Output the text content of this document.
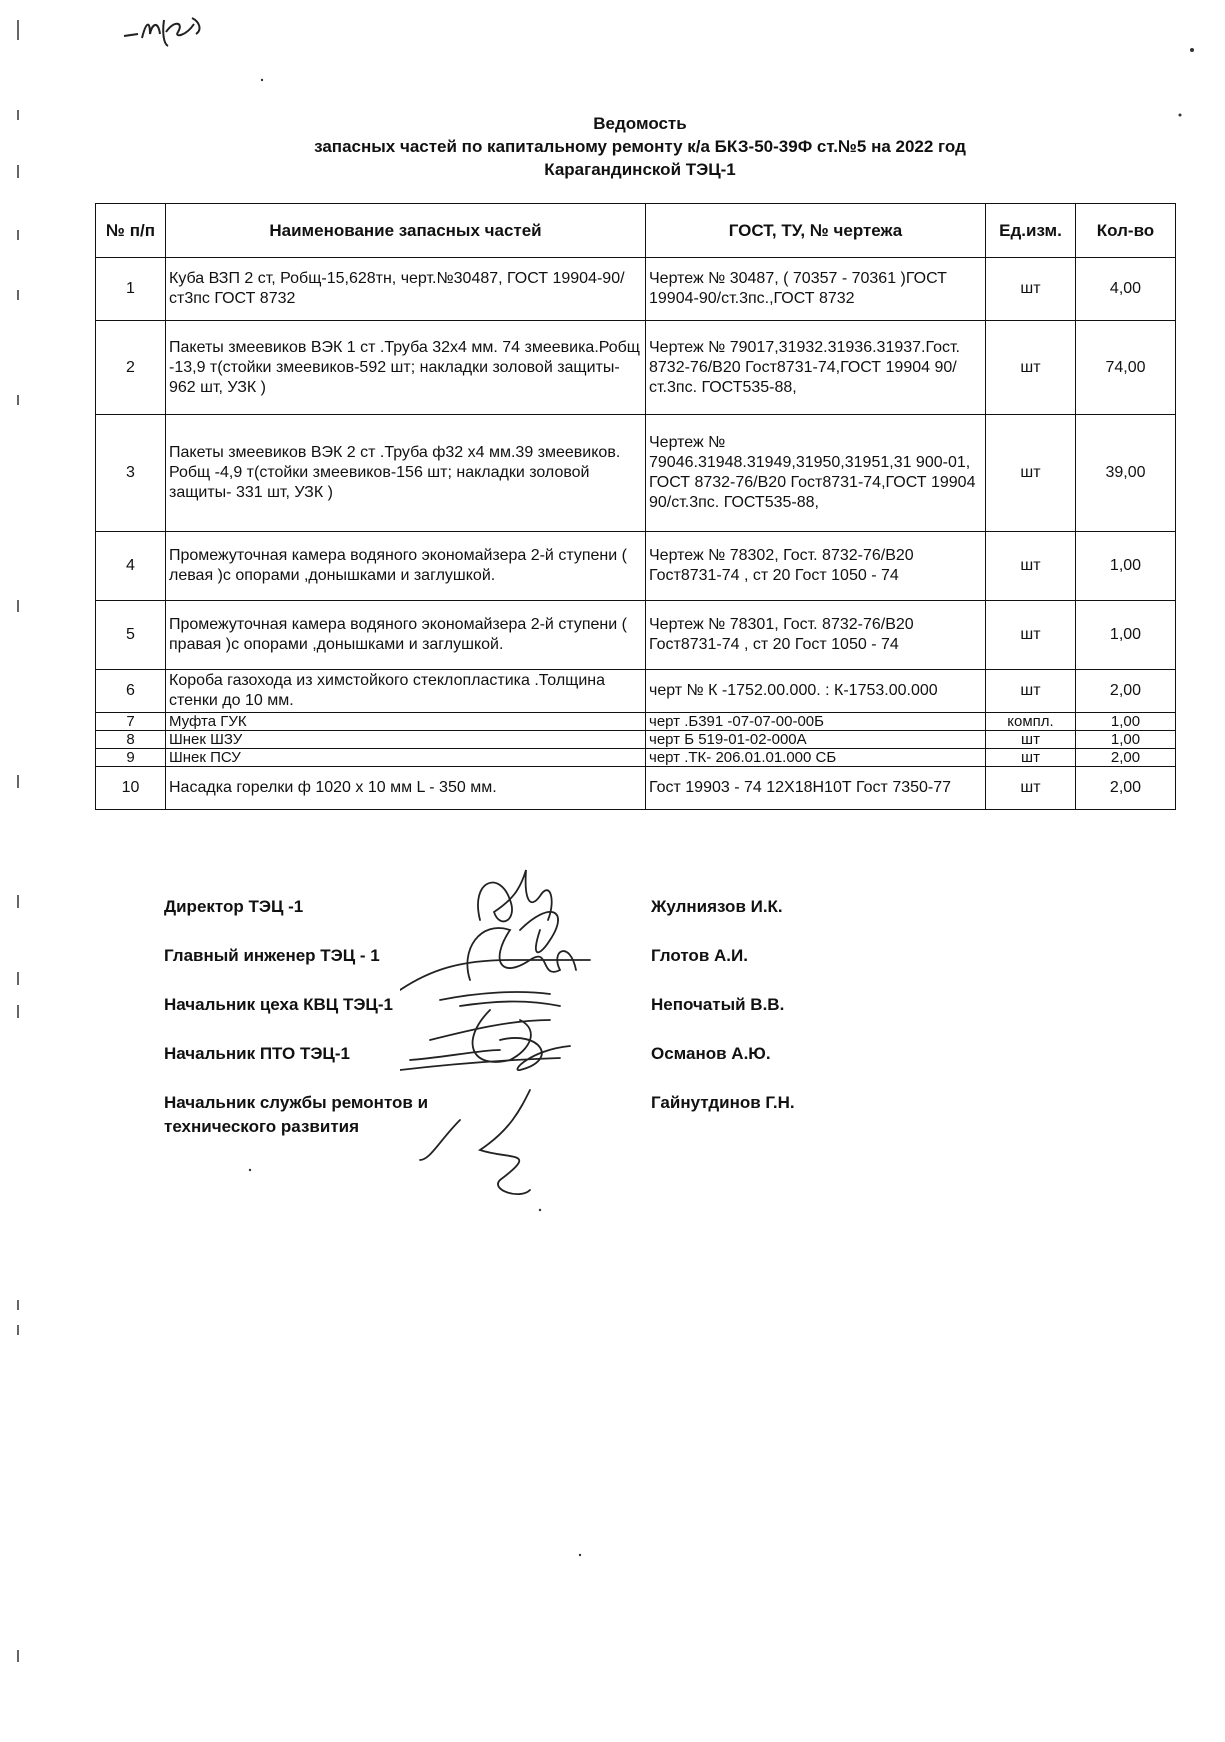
Ведомость
запасных частей по капитальному ремонту к/а БКЗ-50-39Ф ст.№5 на 2022 год
Карагандинской ТЭЦ-1
№ п/п	Наименование запасных частей	ГОСТ, ТУ, № чертежа	Ед.изм.	Кол-во
1	Куба ВЗП 2 ст, Робщ-15,628тн, черт.№30487, ГОСТ 19904-90/ст3пс ГОСТ 8732	Чертеж № 30487, ( 70357 - 70361 )ГОСТ 19904-90/ст.3пс.,ГОСТ 8732	шт	4,00
2	Пакеты змеевиков ВЭК 1 ст .Труба 32х4 мм. 74 змеевика.Робщ -13,9 т(стойки змеевиков-592 шт; накладки золовой защиты- 962 шт, УЗК )	Чертеж № 79017,31932.31936.31937.Гост. 8732-76/В20 Гост8731-74,ГОСТ 19904 90/ст.3пс. ГОСТ535-88,	шт	74,00
3	Пакеты змеевиков ВЭК 2 ст .Труба ф32 х4 мм.39 змеевиков. Робщ -4,9 т(стойки змеевиков-156 шт; накладки золовой защиты- 331 шт, УЗК )	Чертеж № 79046.31948.31949,31950,31951,31 900-01, ГОСТ 8732-76/В20 Гост8731-74,ГОСТ 19904 90/ст.3пс. ГОСТ535-88,	шт	39,00
4	Промежуточная камера водяного экономайзера 2-й ступени ( левая )с опорами ,донышками и заглушкой.	Чертеж № 78302, Гост. 8732-76/В20 Гост8731-74 , ст 20 Гост 1050 - 74	шт	1,00
5	Промежуточная камера водяного экономайзера 2-й ступени ( правая )с опорами ,донышками и заглушкой.	Чертеж № 78301, Гост. 8732-76/В20 Гост8731-74 , ст 20 Гост 1050 - 74	шт	1,00
6	Короба газохода из химстойкого стеклопластика .Толщина стенки до 10 мм.	черт № К -1752.00.000. : К-1753.00.000	шт	2,00
7	Муфта ГУК	черт .Б391 -07-07-00-00Б	компл.	1,00
8	Шнек ШЗУ	черт Б 519-01-02-000А	шт	1,00
9	Шнек ПСУ	черт .ТК- 206.01.01.000 СБ	шт	2,00
10	Насадка горелки ф 1020 х 10 мм L - 350 мм.	Гост 19903 - 74 12Х18Н10Т Гост 7350-77	шт	2,00
Директор ТЭЦ -1	Жулниязов И.К.
Главный инженер ТЭЦ - 1	Глотов А.И.
Начальник цеха КВЦ ТЭЦ-1	Непочатый В.В.
Начальник ПТО ТЭЦ-1	Османов А.Ю.
Начальник службы ремонтов и технического развития
Гайнутдинов Г.Н.
